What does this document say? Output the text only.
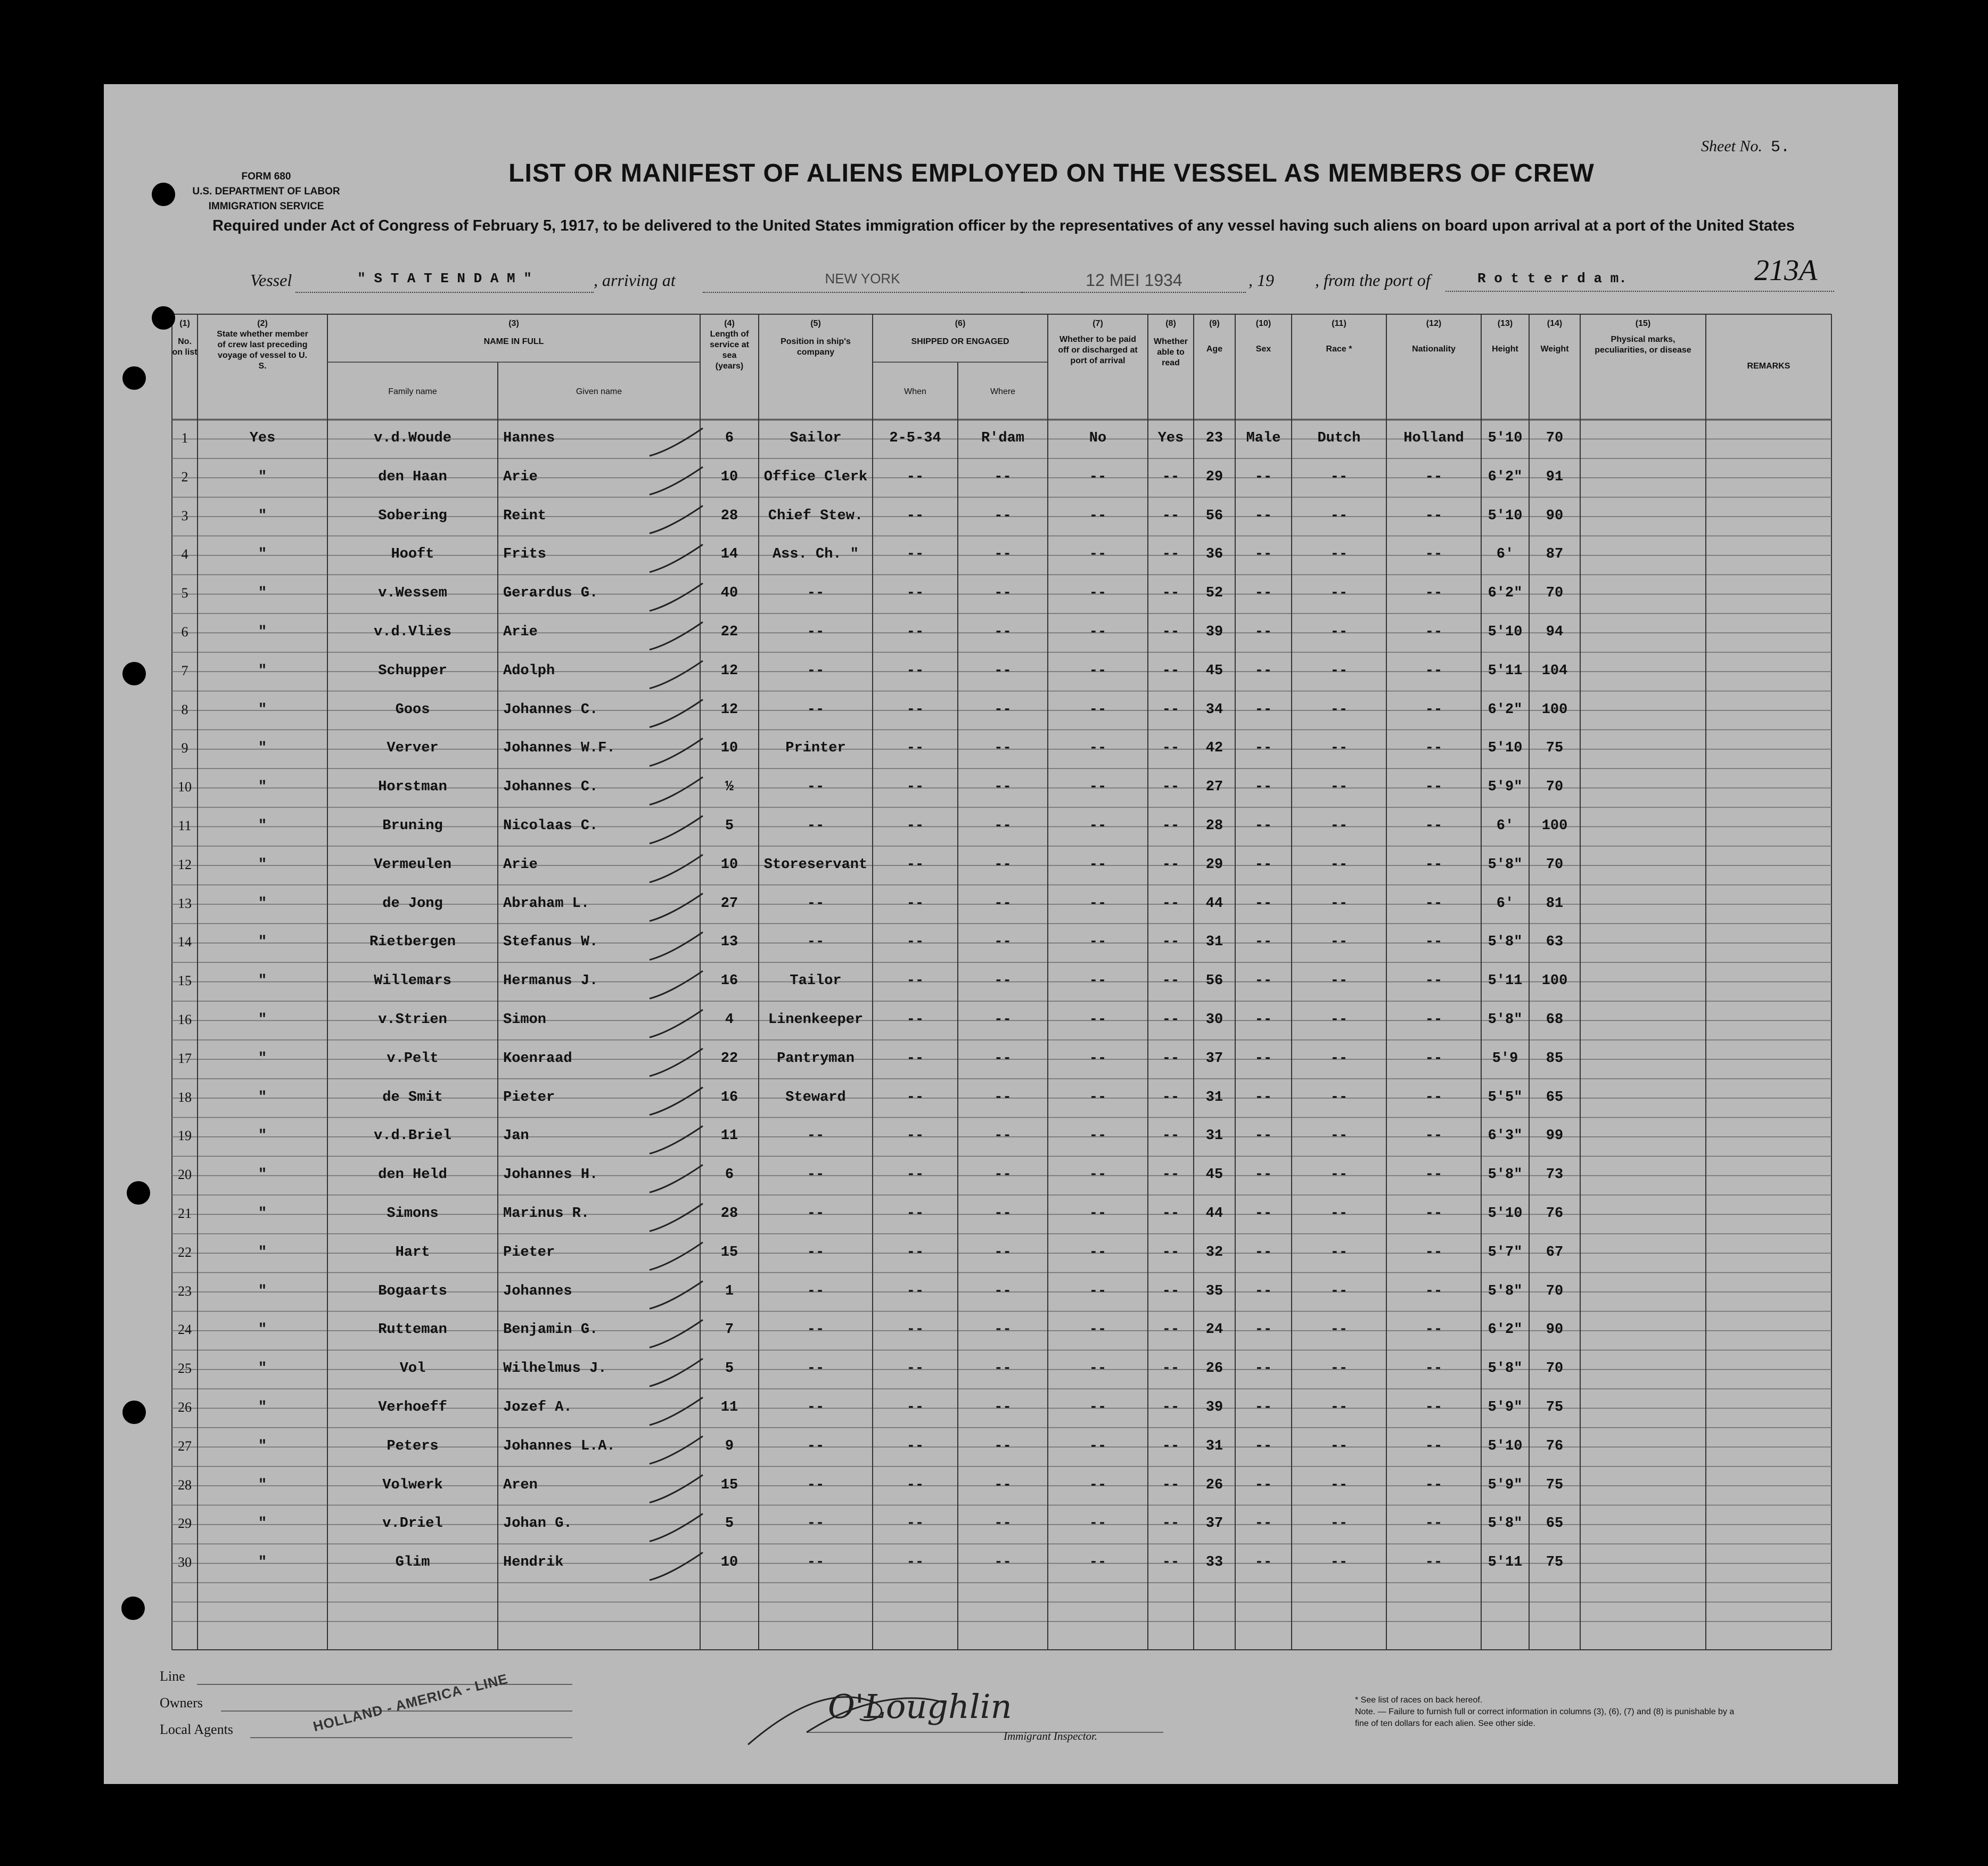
FORM 680
U.S. DEPARTMENT OF LABOR
IMMIGRATION SERVICE
Sheet No. 5.
LIST OR MANIFEST OF ALIENS EMPLOYED ON THE VESSEL AS MEMBERS OF CREW
Required under Act of Congress of February 5, 1917, to be delivered to the United States immigration officer by the representatives of any vessel having such aliens on board upon arrival at a port of the United States
Vessel	" S T A T E N D A M "	, arriving at	NEW YORK	12 MEI 1934	, 19 , from the port of	R o t t e r d a m.	213A
(1)
No. on list
(2)
State whether member of crew last preceding voyage of vessel to U. S.
(3)
NAME IN FULL
Family name	Given name
(4)
Length of service at sea (years)
(5)
Position in ship's company
(6)
SHIPPED OR ENGAGED
When	Where
(7)
Whether to be paid off or discharged at port of arrival
(8)
Whether able to read
(9)
Age
(10)
Sex
(11)
Race *
(12)
Nationality
(13)
Height
(14)
Weight
(15)
Physical marks, peculiarities, or disease
REMARKS
1	Yes	v.d.Woude	Hannes	6	Sailor	2-5-34	R'dam	No	Yes	23	Male	Dutch	Holland	5'10	70
2	"	den Haan	Arie	10	Office Clerk	--	--	--	--	29	--	--	--	6'2"	91
3	"	Sobering	Reint	28	Chief Stew.	--	--	--	--	56	--	--	--	5'10	90
4	"	Hooft	Frits	14	Ass. Ch. "	--	--	--	--	36	--	--	--	6'	87
5	"	v.Wessem	Gerardus G.	40	--	--	--	--	--	52	--	--	--	6'2"	70
6	"	v.d.Vlies	Arie	22	--	--	--	--	--	39	--	--	--	5'10	94
7	"	Schupper	Adolph	12	--	--	--	--	--	45	--	--	--	5'11	104
8	"	Goos	Johannes C.	12	--	--	--	--	--	34	--	--	--	6'2"	100
9	"	Verver	Johannes W.F.	10	Printer	--	--	--	--	42	--	--	--	5'10	75
10	"	Horstman	Johannes C.	½	--	--	--	--	--	27	--	--	--	5'9"	70
11	"	Bruning	Nicolaas C.	5	--	--	--	--	--	28	--	--	--	6'	100
12	"	Vermeulen	Arie	10	Storeservant	--	--	--	--	29	--	--	--	5'8"	70
13	"	de Jong	Abraham L.	27	--	--	--	--	--	44	--	--	--	6'	81
14	"	Rietbergen	Stefanus W.	13	--	--	--	--	--	31	--	--	--	5'8"	63
15	"	Willemars	Hermanus J.	16	Tailor	--	--	--	--	56	--	--	--	5'11	100
16	"	v.Strien	Simon	4	Linenkeeper	--	--	--	--	30	--	--	--	5'8"	68
17	"	v.Pelt	Koenraad	22	Pantryman	--	--	--	--	37	--	--	--	5'9	85
18	"	de Smit	Pieter	16	Steward	--	--	--	--	31	--	--	--	5'5"	65
19	"	v.d.Briel	Jan	11	--	--	--	--	--	31	--	--	--	6'3"	99
20	"	den Held	Johannes H.	6	--	--	--	--	--	45	--	--	--	5'8"	73
21	"	Simons	Marinus R.	28	--	--	--	--	--	44	--	--	--	5'10	76
22	"	Hart	Pieter	15	--	--	--	--	--	32	--	--	--	5'7"	67
23	"	Bogaarts	Johannes	1	--	--	--	--	--	35	--	--	--	5'8"	70
24	"	Rutteman	Benjamin G.	7	--	--	--	--	--	24	--	--	--	6'2"	90
25	"	Vol	Wilhelmus J.	5	--	--	--	--	--	26	--	--	--	5'8"	70
26	"	Verhoeff	Jozef A.	11	--	--	--	--	--	39	--	--	--	5'9"	75
27	"	Peters	Johannes L.A.	9	--	--	--	--	--	31	--	--	--	5'10	76
28	"	Volwerk	Aren	15	--	--	--	--	--	26	--	--	--	5'9"	75
29	"	v.Driel	Johan G.	5	--	--	--	--	--	37	--	--	--	5'8"	65
30	"	Glim	Hendrik	10	--	--	--	--	--	33	--	--	--	5'11	75
Line
Owners
Local Agents	HOLLAND - AMERICA - LINE	O'Loughlin
Immigrant Inspector.
* See list of races on back hereof.
Note. — Failure to furnish full or correct information in columns (3), (6), (7) and (8) is punishable by a fine of ten dollars for each alien. See other side.
